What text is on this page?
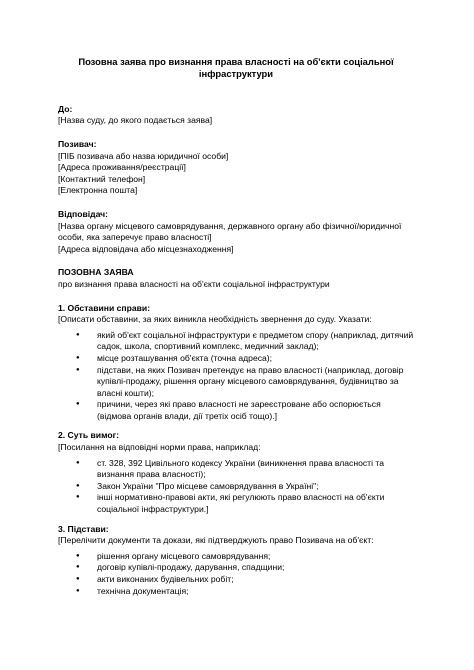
Позовна заява про визнання права власності на об'єкти соціальної інфраструктури
До:
[Назва суду, до якого подається заява]
Позивач:
[ПІБ позивача або назва юридичної особи]
[Адреса проживання/реєстрації]
[Контактний телефон]
[Електронна пошта]
Відповідач:
[Назва органу місцевого самоврядування, державного органу або фізичної/юридичної особи, яка заперечує право власності]
[Адреса відповідача або місцезнаходження]
ПОЗОВНА ЗАЯВА
про визнання права власності на об'єкти соціальної інфраструктури
1. Обставини справи:
[Описати обставини, за яких виникла необхідність звернення до суду. Указати:
● який об'єкт соціальної інфраструктури є предметом спору (наприклад, дитячий садок, школа, спортивний комплекс, медичний заклад);
● місце розташування об'єкта (точна адреса);
● підстави, на яких Позивач претендує на право власності (наприклад, договір купівлі-продажу, рішення органу місцевого самоврядування, будівництво за власні кошти);
● причини, через які право власності не зареєстроване або оспорюється (відмова органів влади, дії третіх осіб тощо).]
2. Суть вимог:
[Посилання на відповідні норми права, наприклад:
● ст. 328, 392 Цивільного кодексу України (виникнення права власності та визнання права власності);
● Закон України "Про місцеве самоврядування в Україні";
● інші нормативно-правові акти, які регулюють право власності на об'єкти соціальної інфраструктури.]
3. Підстави:
[Перелічити документи та докази, які підтверджують право Позивача на об'єкт:
● рішення органу місцевого самоврядування;
● договір купівлі-продажу, дарування, спадщини;
● акти виконаних будівельних робіт;
● технічна документація;
